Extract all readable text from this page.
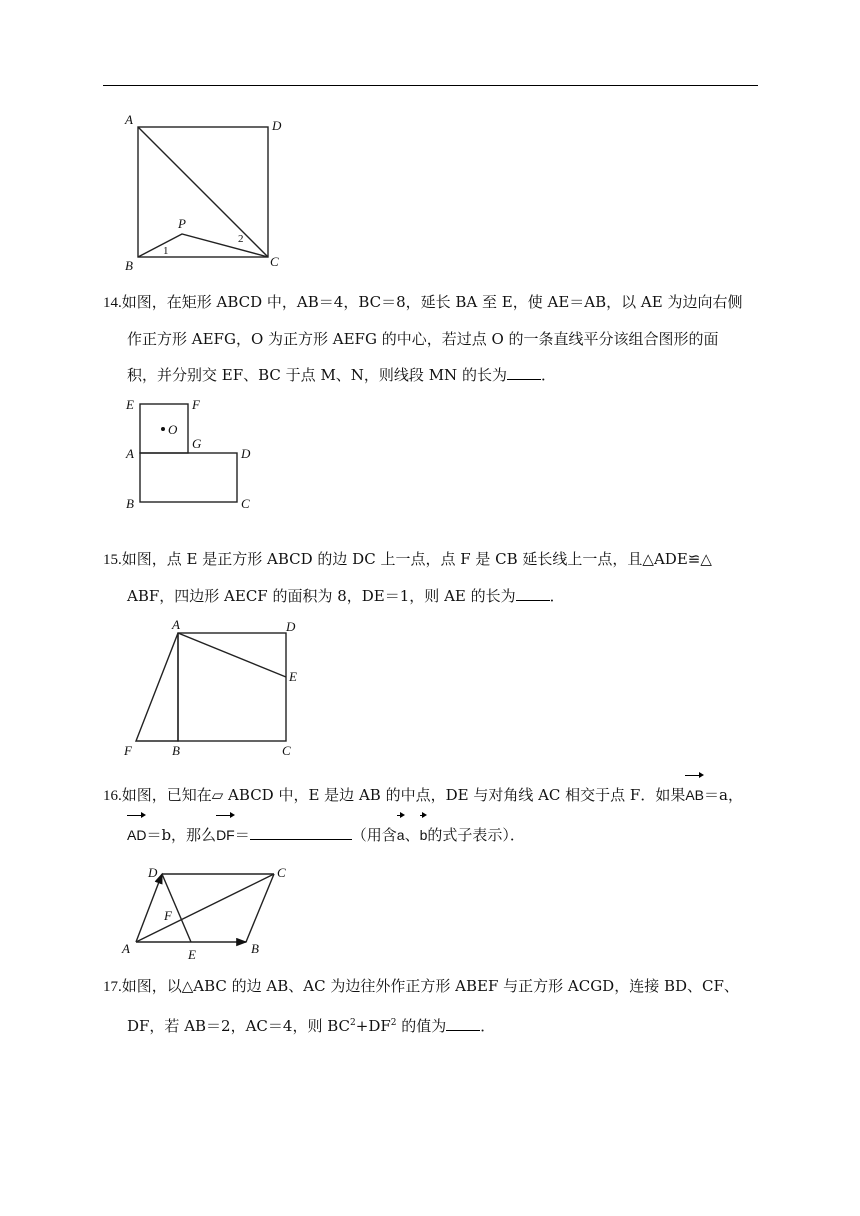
A	D
B	C
P
1
2
14.如图，在矩形 ABCD 中，AB＝4，BC＝8，延长 BA 至 E，使 AE＝AB，以 AE 为边向右侧
作正方形 AEFG，O 为正方形 AEFG 的中心，若过点 O 的一条直线平分该组合图形的面
积，并分别交 EF、BC 于点 M、N，则线段 MN 的长为 ．
E	F
O
G
A	D
B	C
15.如图，点 E 是正方形 ABCD 的边 DC 上一点，点 F 是 CB 延长线上一点，且△ADE≌△
ABF，四边形 AECF 的面积为 8，DE＝1，则 AE 的长为 ．
A	D
E
F	B	C
16.如图，已知在▱ ABCD 中，E 是边 AB 的中点，DE 与对角线 AC 相交于点 F．如果AB＝a，
AD＝b，那么DF＝	（用含a、b的式子表示）．
D	C
F
A	E	B
17.如图，以△ABC 的边 AB、AC 为边往外作正方形 ABEF 与正方形 ACGD，连接 BD、CF、
DF，若 AB＝2，AC＝4，则 $BC^2+DF^2$ 的值为 ．
